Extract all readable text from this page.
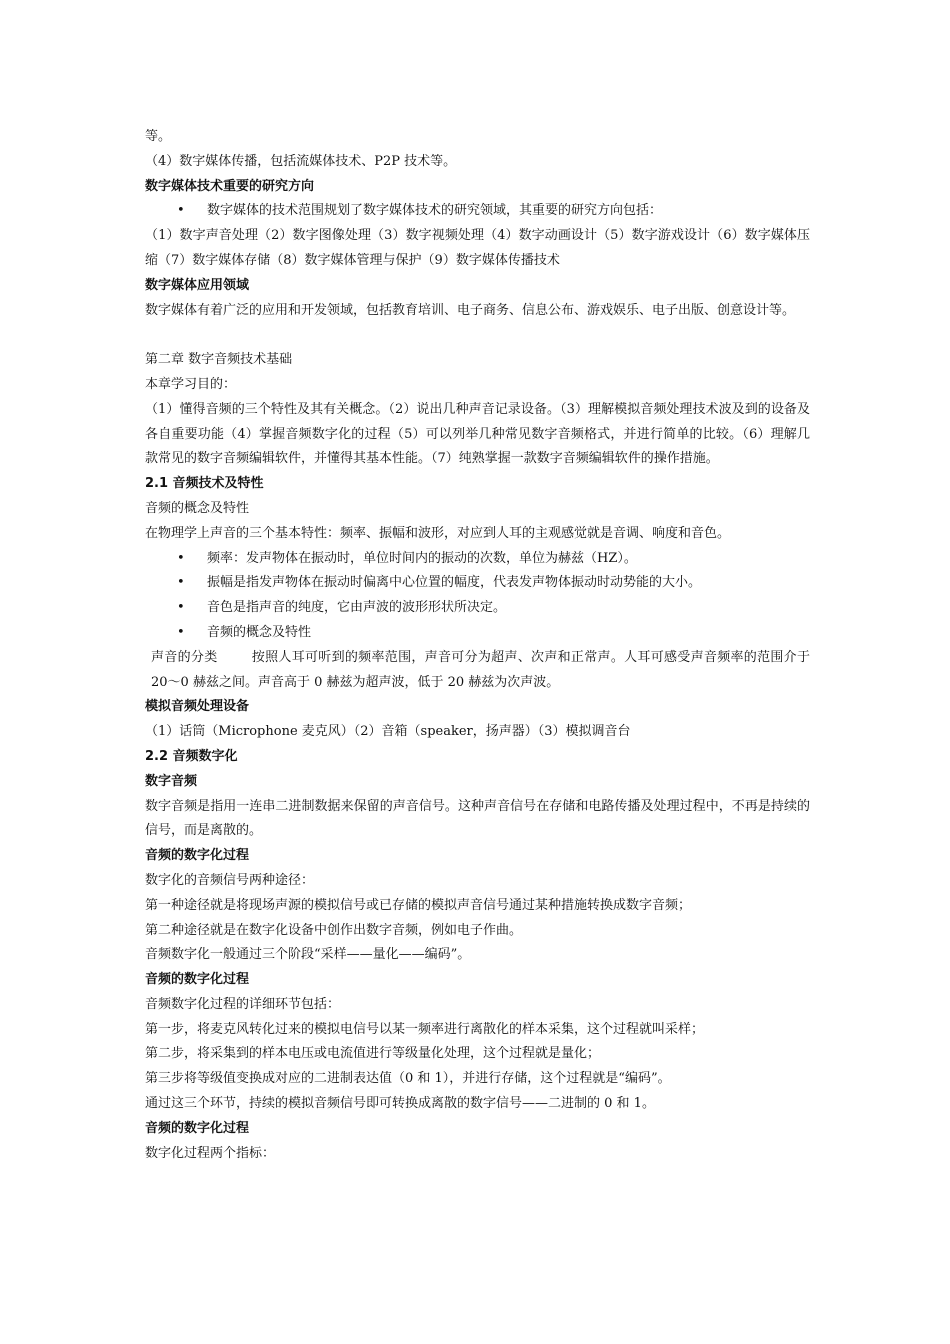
等。
（4）数字媒体传播，包括流媒体技术、P2P 技术等。
数字媒体技术重要的研究方向
• 数字媒体的技术范围规划了数字媒体技术的研究领域，其重要的研究方向包括：
（1）数字声音处理（2）数字图像处理（3）数字视频处理（4）数字动画设计（5）数字游戏设计（6）数字媒体压缩（7）数字媒体存储（8）数字媒体管理与保护（9）数字媒体传播技术
数字媒体应用领域
数字媒体有着广泛的应用和开发领域，包括教育培训、电子商务、信息公布、游戏娱乐、电子出版、创意设计等。
第二章 数字音频技术基础
本章学习目的：
（1）懂得音频的三个特性及其有关概念。（2）说出几种声音记录设备。（3）理解模拟音频处理技术波及到的设备及各自重要功能（4）掌握音频数字化的过程（5）可以列举几种常见数字音频格式，并进行简单的比较。（6）理解几款常见的数字音频编辑软件，并懂得其基本性能。（7）纯熟掌握一款数字音频编辑软件的操作措施。
2.1 音频技术及特性
音频的概念及特性
在物理学上声音的三个基本特性：频率、振幅和波形，对应到人耳的主观感觉就是音调、响度和音色。
• 频率：发声物体在振动时，单位时间内的振动的次数，单位为赫兹（HZ）。
• 振幅是指发声物体在振动时偏离中心位置的幅度，代表发声物体振动时动势能的大小。
• 音色是指声音的纯度，它由声波的波形形状所决定。
• 音频的概念及特性
声音的分类	按照人耳可听到的频率范围，声音可分为超声、次声和正常声。人耳可感受声音频率的范围介于 20～0 赫兹之间。声音高于 0 赫兹为超声波，低于 20 赫兹为次声波。
模拟音频处理设备
（1）话筒（Microphone 麦克风）（2）音箱（speaker，扬声器）（3）模拟调音台
2.2 音频数字化
数字音频
数字音频是指用一连串二进制数据来保留的声音信号。这种声音信号在存储和电路传播及处理过程中，不再是持续的信号，而是离散的。
音频的数字化过程
数字化的音频信号两种途径：
第一种途径就是将现场声源的模拟信号或已存储的模拟声音信号通过某种措施转换成数字音频；
第二种途径就是在数字化设备中创作出数字音频，例如电子作曲。
音频数字化一般通过三个阶段“采样——量化——编码”。
音频的数字化过程
音频数字化过程的详细环节包括：
第一步，将麦克风转化过来的模拟电信号以某一频率进行离散化的样本采集，这个过程就叫采样；
第二步，将采集到的样本电压或电流值进行等级量化处理，这个过程就是量化；
第三步将等级值变换成对应的二进制表达值（0 和 1），并进行存储，这个过程就是“编码”。
通过这三个环节，持续的模拟音频信号即可转换成离散的数字信号——二进制的 0 和 1。
音频的数字化过程
数字化过程两个指标：
